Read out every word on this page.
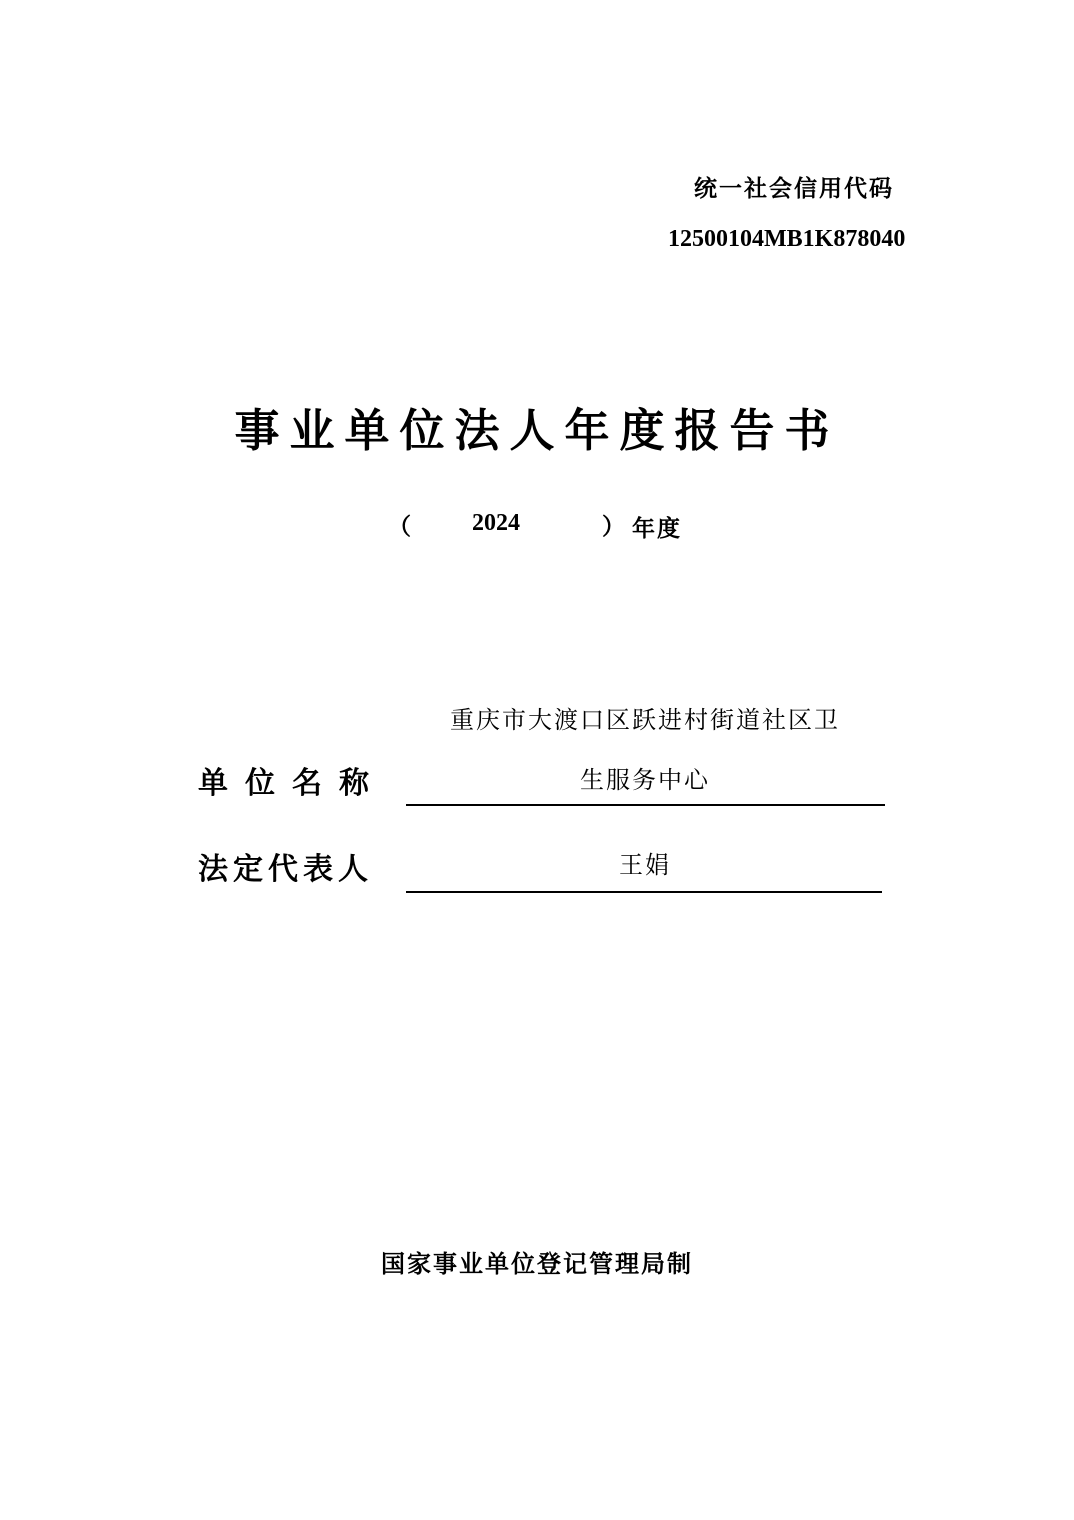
统一社会信用代码
12500104MB1K878040
事业单位法人年度报告书
（	2024	） 年度
单位名称
重庆市大渡口区跃进村街道社区卫
生服务中心
法定代表人	王娟
国家事业单位登记管理局制
